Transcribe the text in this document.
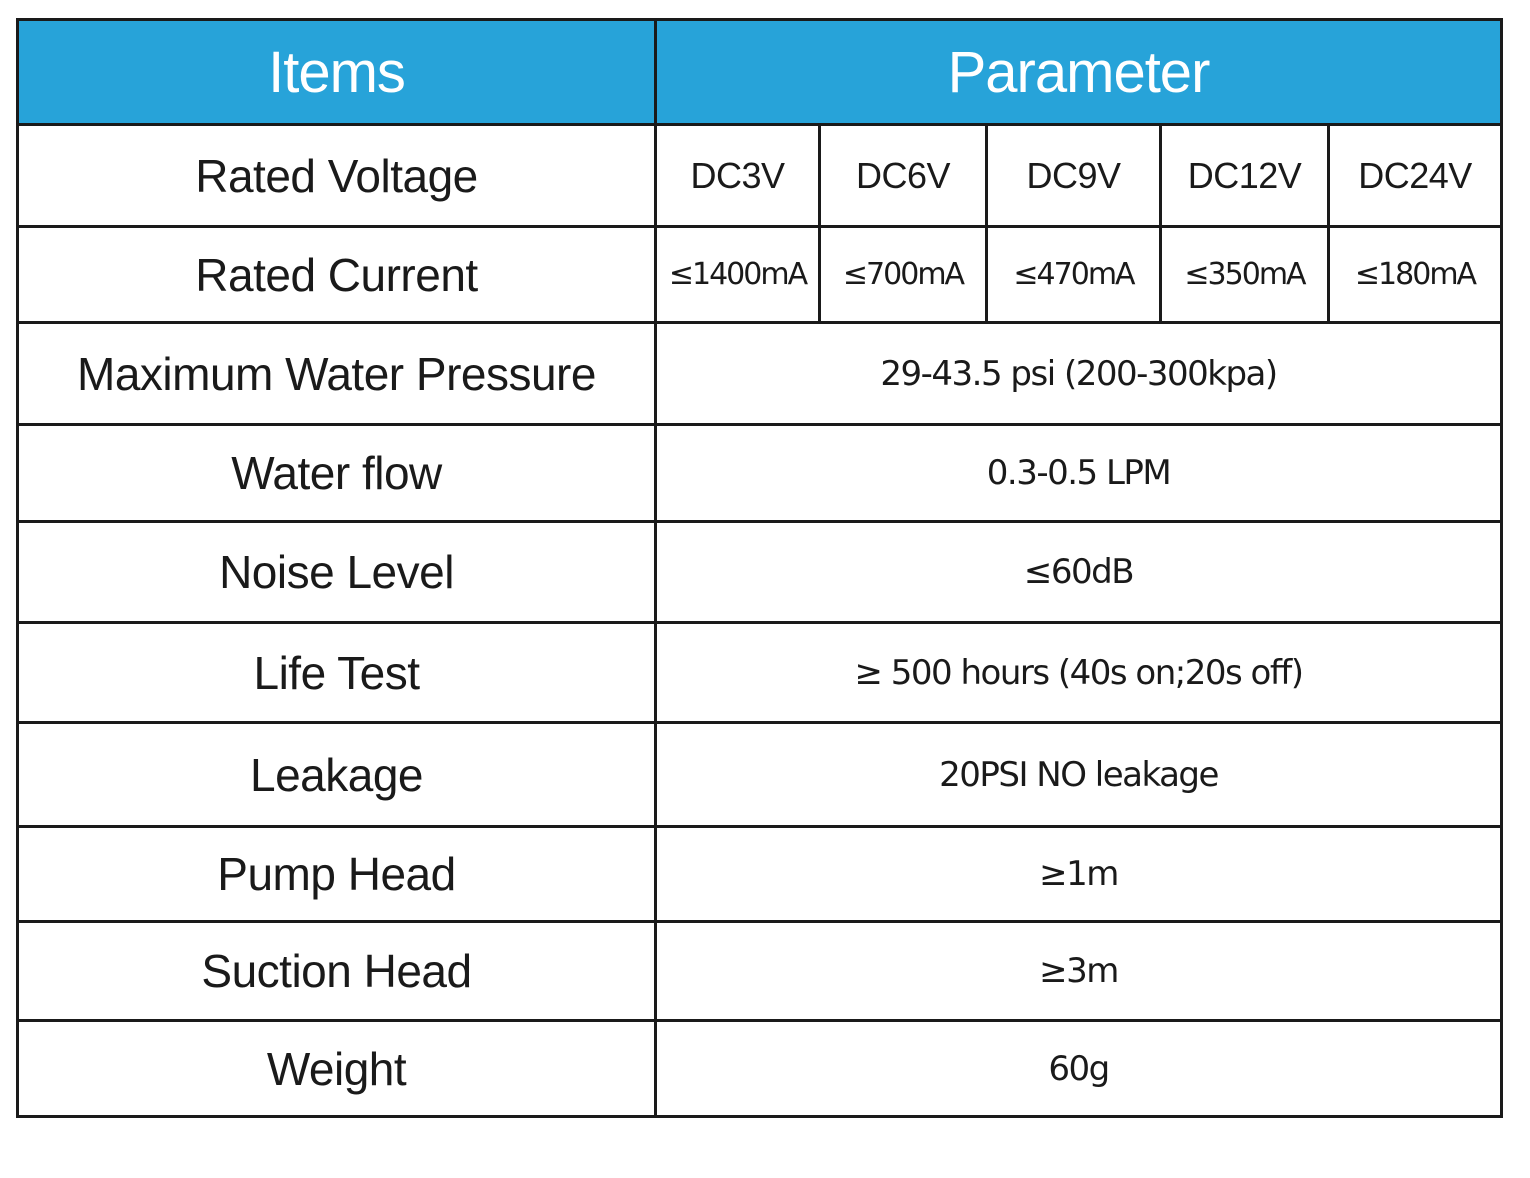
Items	Parameter				
Rated Voltage	DC3V	DC6V	DC9V	DC12V	DC24V
Rated Current	≤1400mA	≤700mA	≤470mA	≤350mA	≤180mA
Maximum Water Pressure	29-43.5 psi (200-300kpa)				
Water flow	0.3-0.5 LPM				
Noise Level	≤60dB				
Life Test	≥ 500 hours (40s on;20s off)				
Leakage	20PSI NO leakage				
Pump Head	≥1m				
Suction Head	≥3m				
Weight	60g				
